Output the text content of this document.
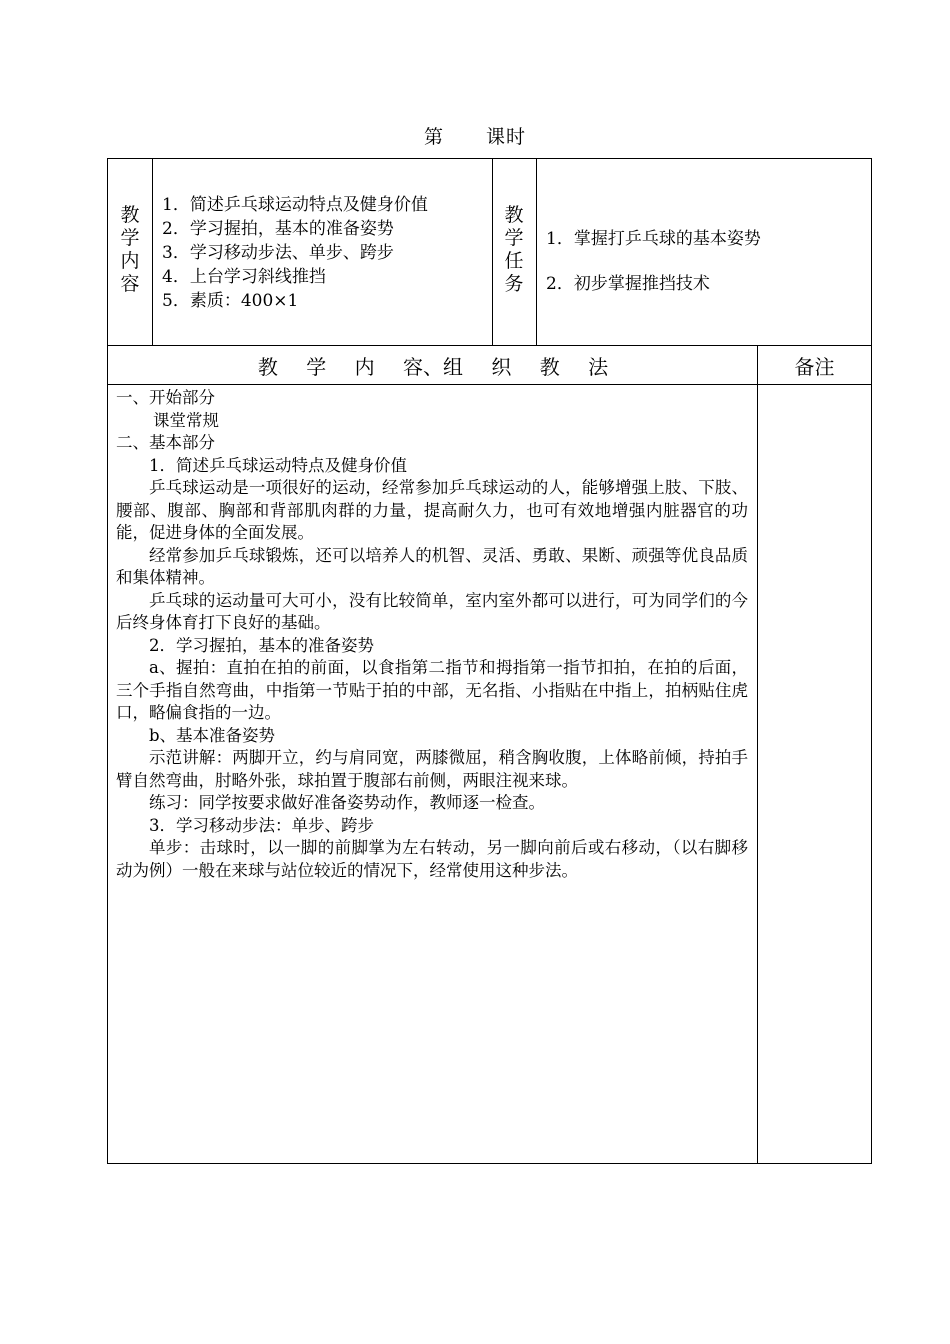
第 课时
教
学
内
容
1．简述乒乓球运动特点及健身价值
2．学习握拍，基本的准备姿势
3．学习移动步法、单步、跨步
4．上台学习斜线推挡
5．素质：400×1
教
学
任
务
1．掌握打乒乓球的基本姿势
2．初步掌握推挡技术
教 学 内 容、组 织 教 法	备注

一、开始部分

课堂常规

二、基本部分

1．简述乒乓球运动特点及健身价值

乒乓球运动是一项很好的运动，经常参加乒乓球运动的人，能够增强上肢、下肢、腰部、腹部、胸部和背部肌肉群的力量，提高耐久力，也可有效地增强内脏器官的功能，促进身体的全面发展。

经常参加乒乓球锻炼，还可以培养人的机智、灵活、勇敢、果断、顽强等优良品质和集体精神。

乒乓球的运动量可大可小，没有比较简单，室内室外都可以进行，可为同学们的今后终身体育打下良好的基础。

2．学习握拍，基本的准备姿势

a、握拍：直拍在拍的前面，以食指第二指节和拇指第一指节扣拍，在拍的后面，三个手指自然弯曲，中指第一节贴于拍的中部，无名指、小指贴在中指上，拍柄贴住虎口，略偏食指的一边。

b、基本准备姿势

示范讲解：两脚开立，约与肩同宽，两膝微屈，稍含胸收腹，上体略前倾，持拍手臂自然弯曲，肘略外张，球拍置于腹部右前侧，两眼注视来球。

练习：同学按要求做好准备姿势动作，教师逐一检查。

3．学习移动步法：单步、跨步

单步：击球时，以一脚的前脚掌为左右转动，另一脚向前后或右移动，（以右脚移动为例）一般在来球与站位较近的情况下，经常使用这种步法。
